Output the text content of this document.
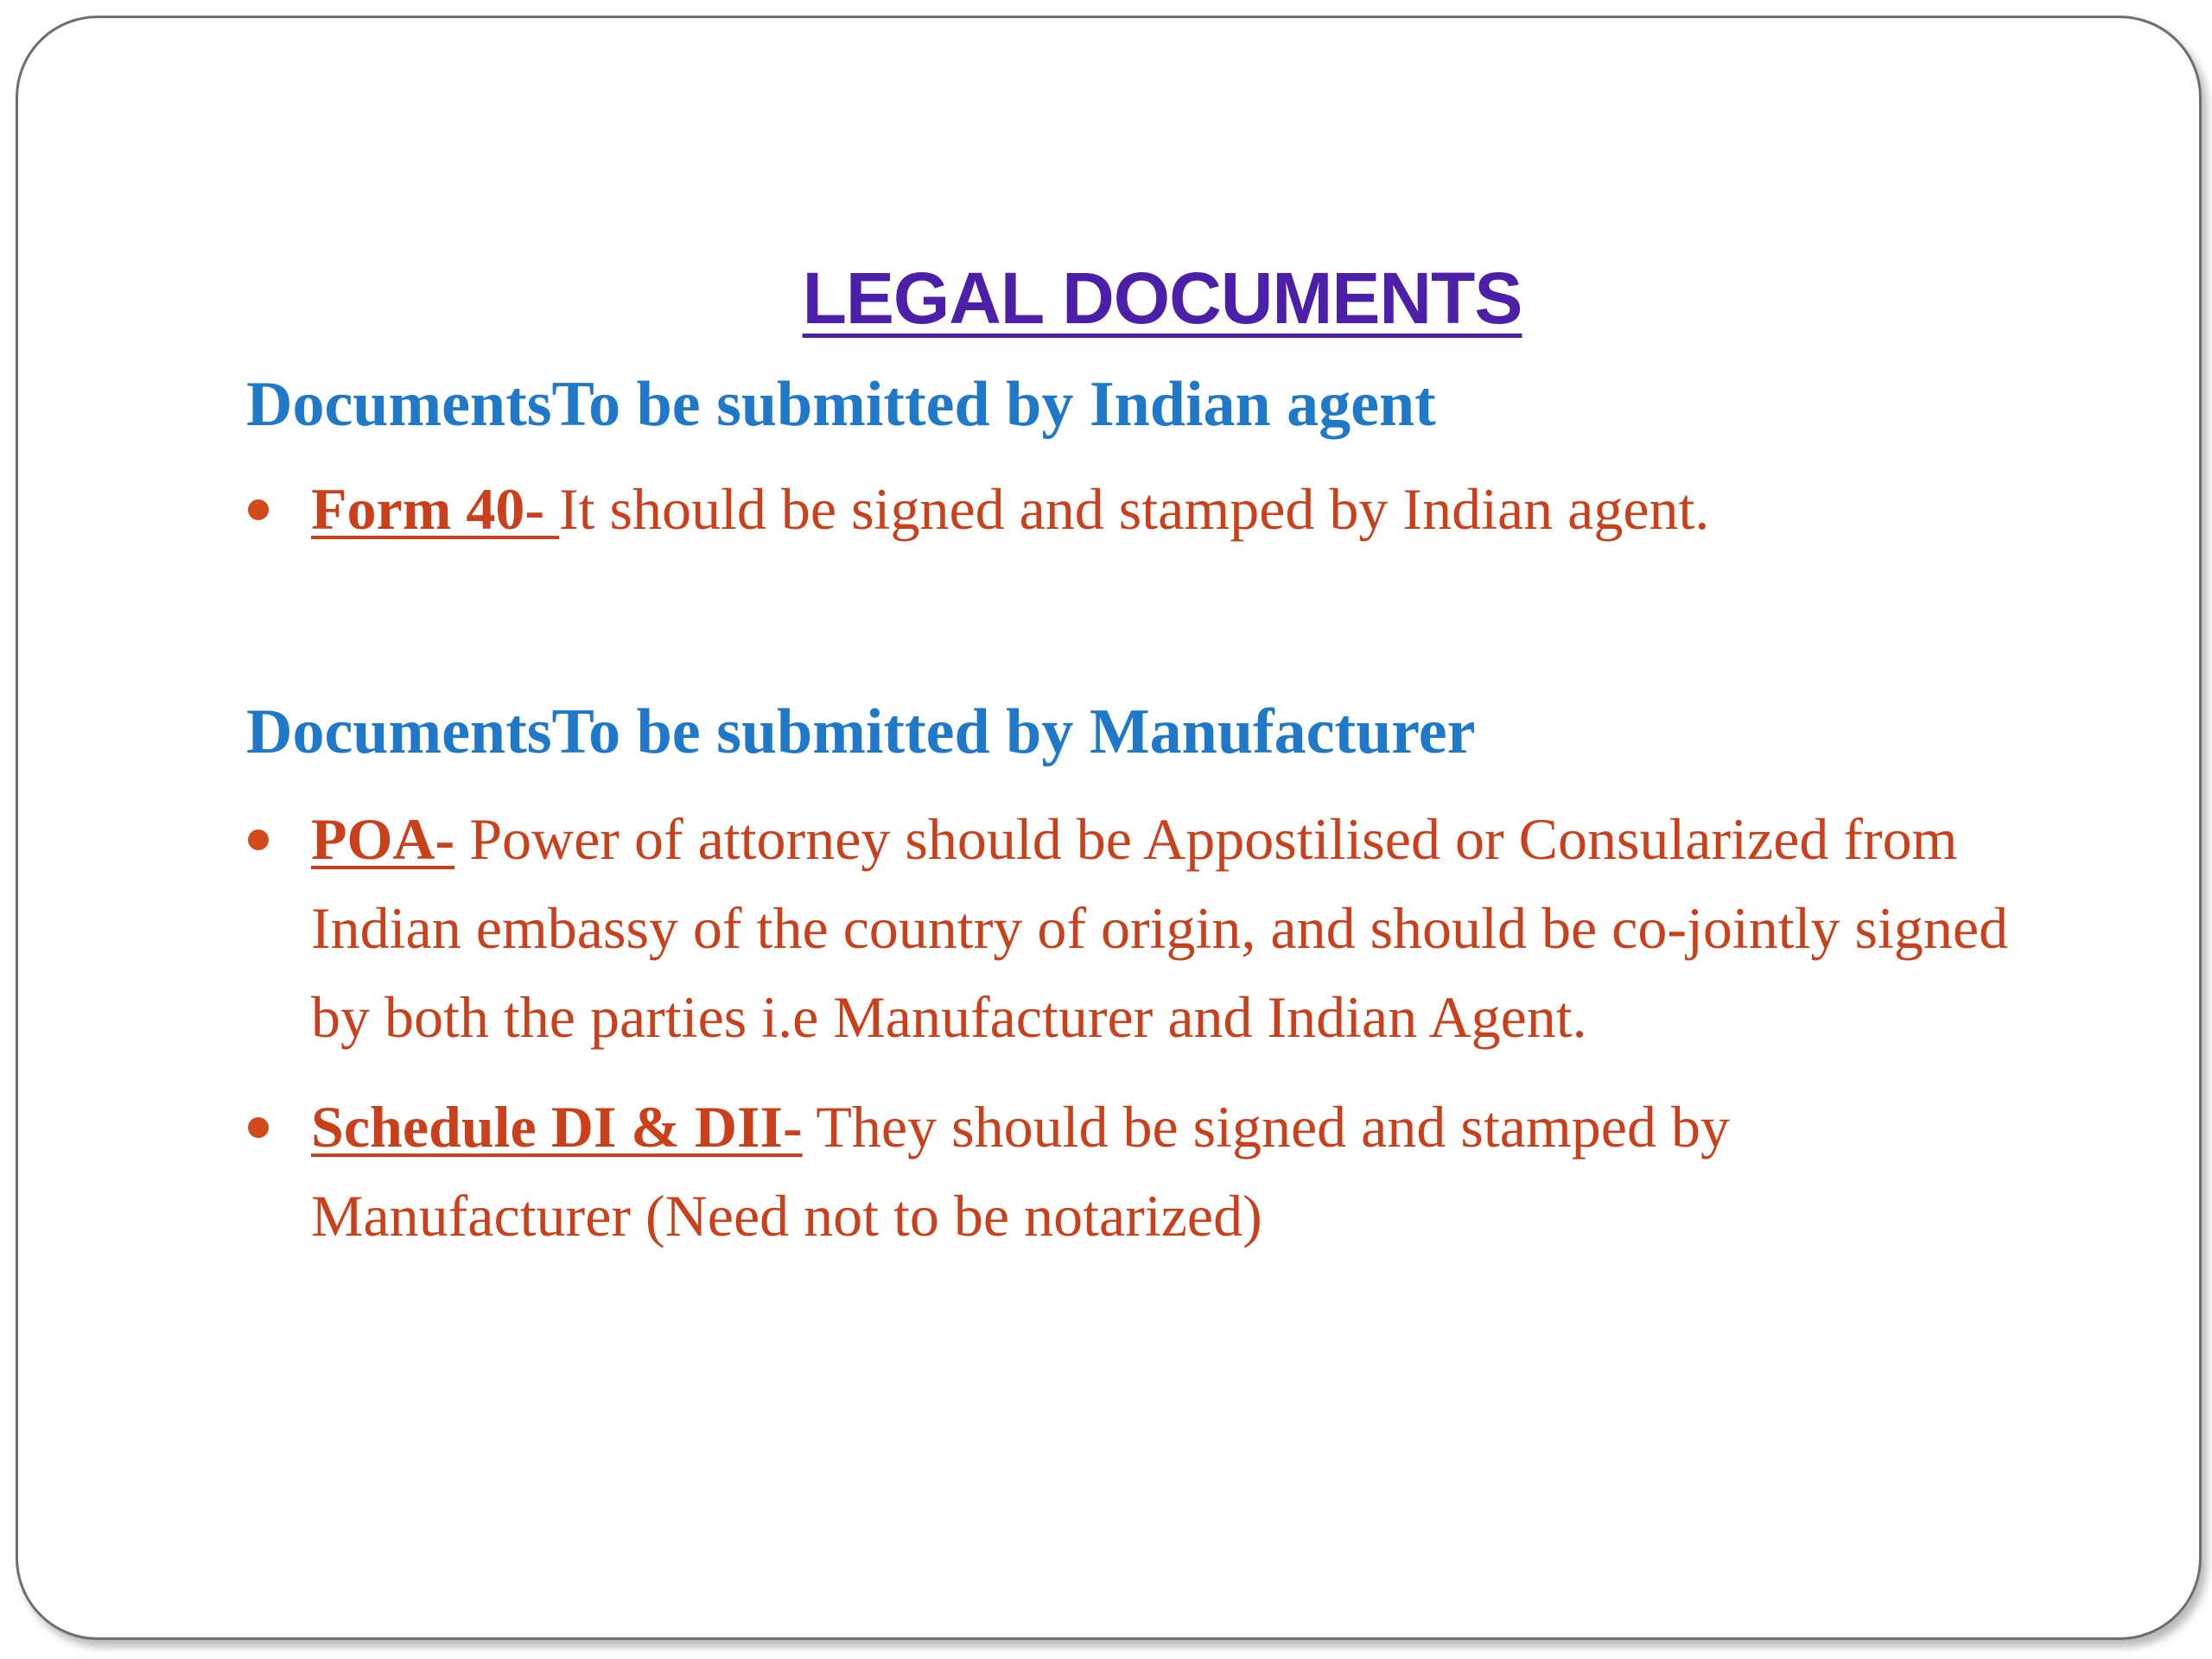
LEGAL DOCUMENTS
DocumentsTo be submitted by Indian agent
Form 40- It should be signed and stamped by Indian agent.
DocumentsTo be submitted by Manufacturer
POA- Power of attorney should be Appostilised or Consularized from Indian embassy of the country of origin, and should be co-jointly signed by both the parties i.e Manufacturer and Indian Agent.
Schedule DI & DII- They should be signed and stamped by Manufacturer (Need not to be notarized)
